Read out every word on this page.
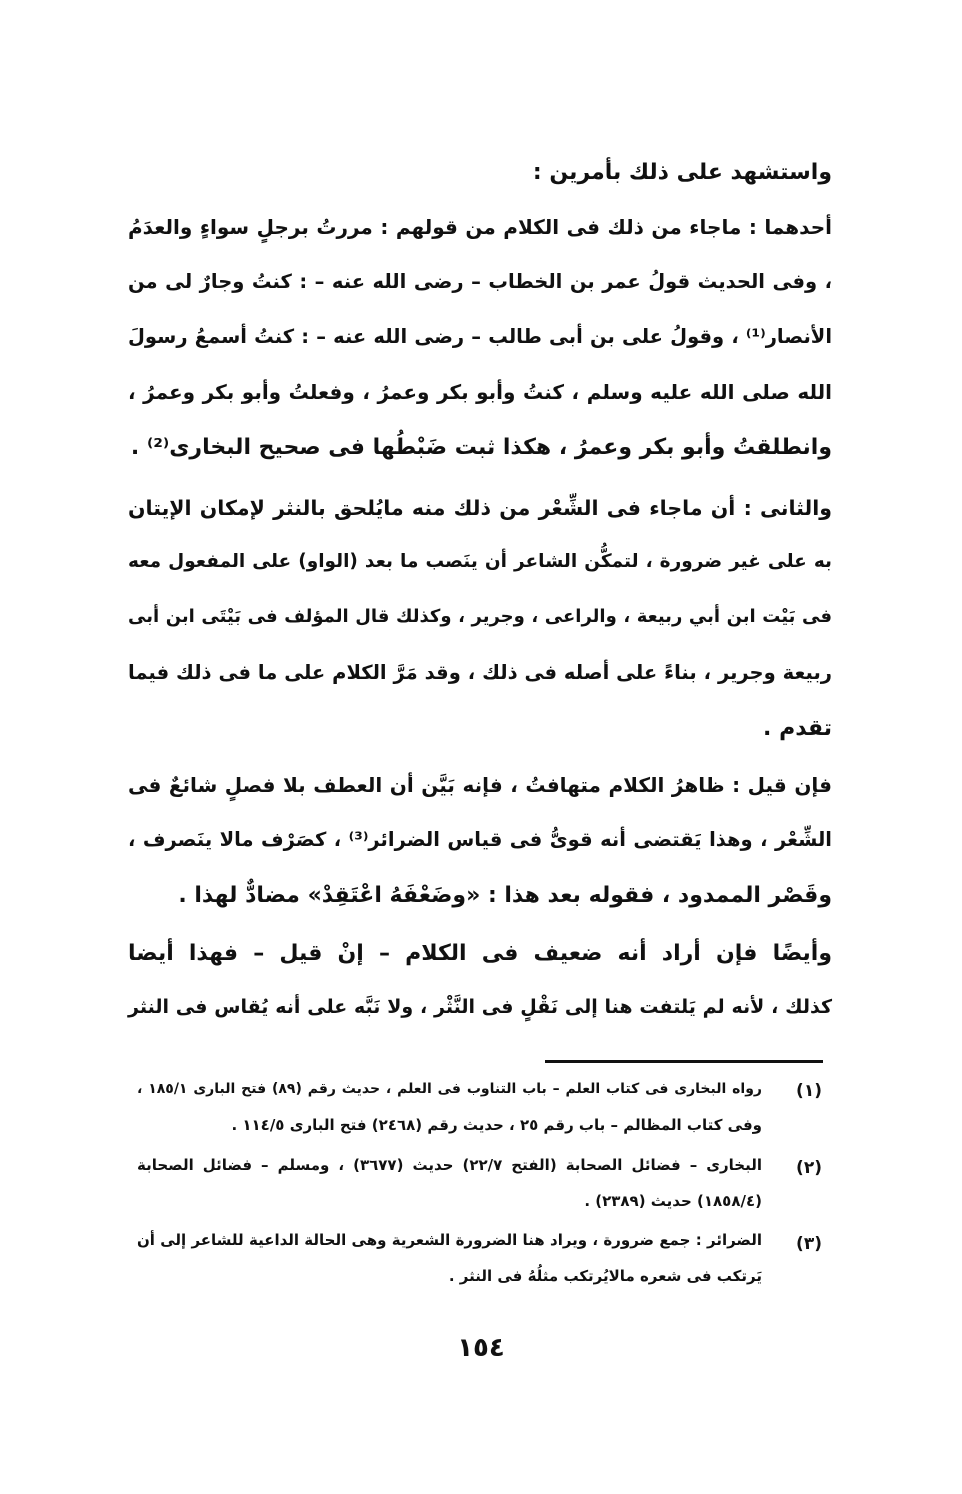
واستشهد على ذلك بأمرين :
أحدهما : ماجاء من ذلك فى الكلام من قولهم : مررتُ برجلٍ سواءٍ والعدَمُ
، وفى الحديث قولُ عمر بن الخطاب – رضى الله عنه – : كنتُ وجارٌ لى من
الأنصار⁽¹⁾ ، وقولُ على بن أبى طالب – رضى الله عنه – : كنتُ أسمعُ رسولَ
الله صلى الله عليه وسلم ، كنتُ وأبو بكر وعمرُ ، وفعلتُ وأبو بكر وعمرُ ،
وانطلقتُ وأبو بكر وعمرُ ، هكذا ثبت ضَبْطُها فى صحيح البخارى⁽²⁾ .
والثانى : أن ماجاء فى الشِّعْر من ذلك منه مايُلحق بالنثر لإمكان الإيتان
به على غير ضرورة ، لتمكُّن الشاعر أن ينَصب ما بعد (الواو) على المفعول معه
فى بَيْت ابن أبي ربيعة ، والراعى ، وجرير ، وكذلك قال المؤلف فى بَيْتَى ابن أبى
ربيعة وجرير ، بناءً على أصله فى ذلك ، وقد مَرَّ الكلام على ما فى ذلك فيما
تقدم .
فإن قيل : ظاهرُ الكلام متهافتُ ، فإنه بَيَّن أن العطف بلا فصلٍ شائعٌ فى
الشِّعْر ، وهذا يَقتضى أنه قوىُّ فى قياس الضرائر⁽³⁾ ، كصَرْف مالا ينَصرف ،
وقَصْر الممدود ، فقوله بعد هذا : «وضَعْفَهُ اعْتَقِدْ» مضادٌّ لهذا .
وأيضًا فإن أراد أنه ضعيف فى الكلام – إنْ قيل – فهذا أيضا
كذلك ، لأنه لم يَلتفت هنا إلى نَقْلٍ فى النَّثْر ، ولا نَبَّه على أنه يُقاس فى النثر
(١)
رواه البخارى فى كتاب العلم – باب التناوب فى العلم ، حديث رقم (٨٩) فتح البارى ١٨٥/١ ،
وفى كتاب المظالم – باب رقم ٢٥ ، حديث رقم (٢٤٦٨) فتح البارى ١١٤/٥ .
(٢)
البخارى – فضائل الصحابة (الفتح ٢٢/٧) حديث (٣٦٧٧) ، ومسلم – فضائل الصحابة
(١٨٥٨/٤) حديث (٢٣٨٩) .
(٣)
الضرائر : جمع ضرورة ، ويراد هنا الضرورة الشعرية وهى الحالة الداعية للشاعر إلى أن
يَرتكب فى شعره مالايُرتكب مثلُهُ فى النثر .
١٥٤
